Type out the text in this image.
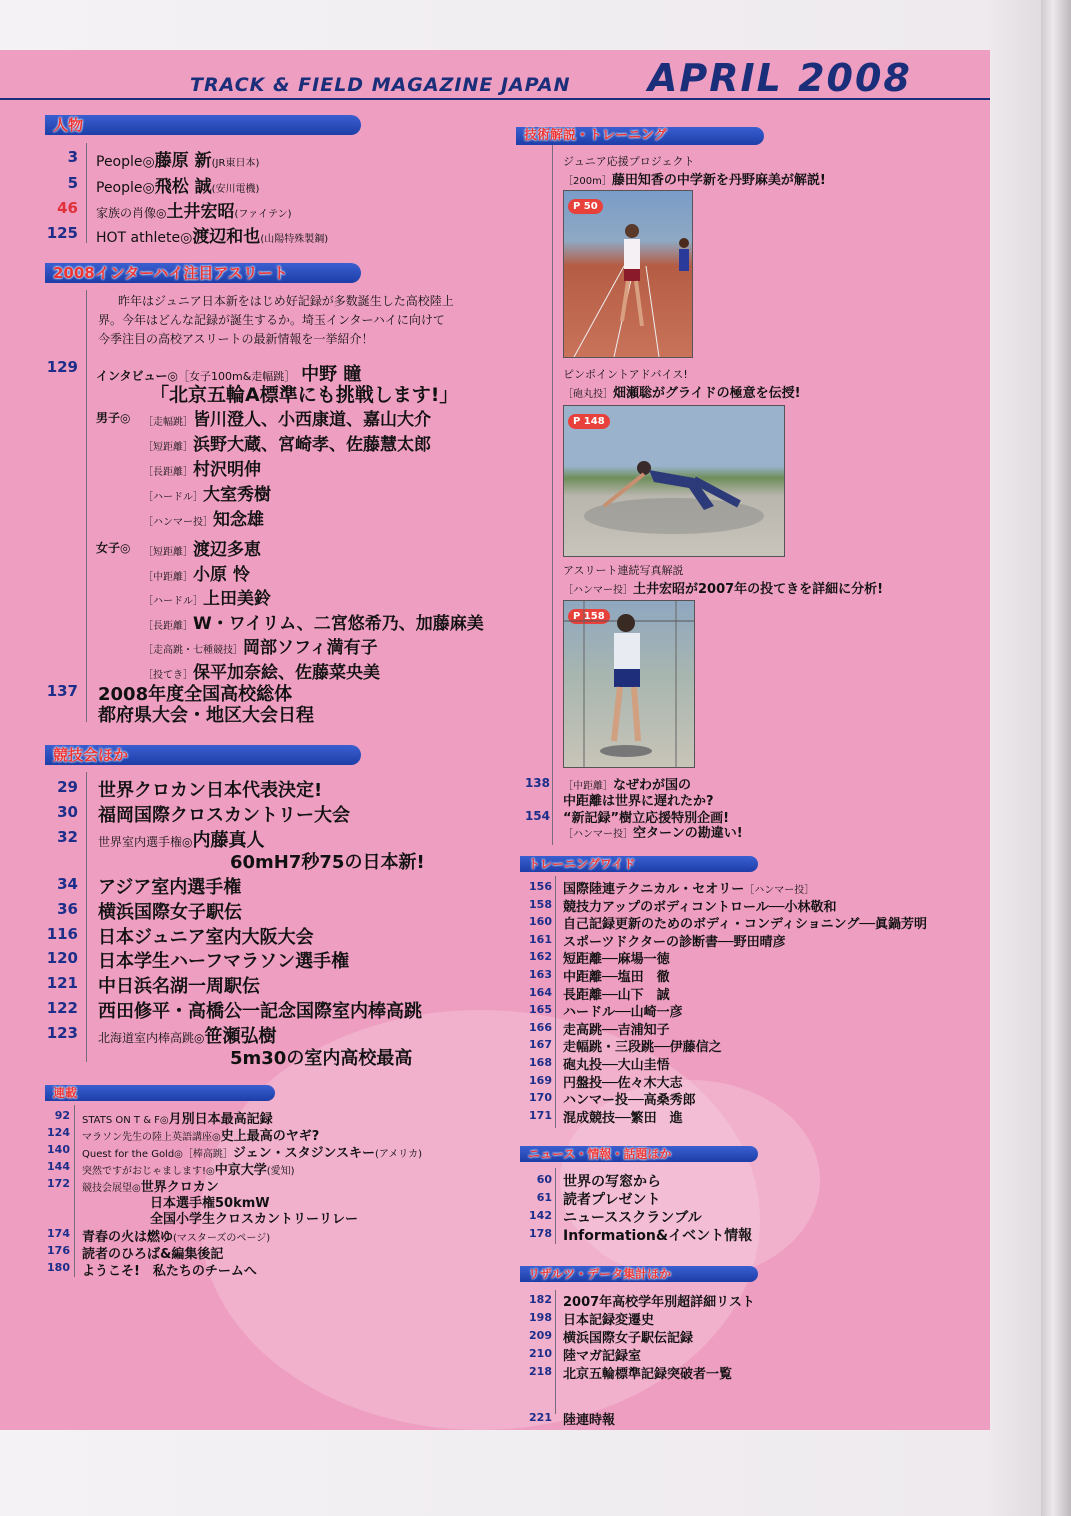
TRACK & FIELD MAGAZINE JAPAN APRIL 2008
人物
3 People◎藤原 新(JR東日本)
5 People◎飛松 誠(安川電機)
46 家族の肖像◎土井宏昭(ファイテン)
125 HOT athlete◎渡辺和也(山陽特殊製鋼)
2008インターハイ注目アスリート
昨年はジュニア日本新をはじめ好記録が多数誕生した高校陸上
界。今年はどんな記録が誕生するか。埼玉インターハイに向けて
今季注目の高校アスリートの最新情報を一挙紹介！
129 インタビュー◎［女子100m&走幅跳］ 中野 瞳
「北京五輪A標準にも挑戦します!」
男子◎ ［走幅跳］皆川澄人、小西康道、嘉山大介
［短距離］浜野大蔵、宮崎孝、佐藤慧太郎
［長距離］村沢明伸
［ハードル］大室秀樹
［ハンマー投］知念雄
女子◎ ［短距離］渡辺多恵
［中距離］小原 怜
［ハードル］上田美鈴
［長距離］W・ワイリム、二宮悠希乃、加藤麻美
［走高跳・七種競技］岡部ソフィ満有子
［投てき］保平加奈絵、佐藤菜央美
137 2008年度全国高校総体
都府県大会・地区大会日程
競技会ほか
29 世界クロカン日本代表決定!
30 福岡国際クロスカントリー大会
32 世界室内選手権◎内藤真人
60mH7秒75の日本新!
34 アジア室内選手権
36 横浜国際女子駅伝
116 日本ジュニア室内大阪大会
120 日本学生ハーフマラソン選手権
121 中日浜名湖一周駅伝
122 西田修平・高橋公一記念国際室内棒高跳
123 北海道室内棒高跳◎笹瀬弘樹
5m30の室内高校最高
連載
92 STATS ON T & F◎月別日本最高記録
124 マラソン先生の陸上英語講座◎史上最高のヤギ?
140 Quest for the Gold◎［棒高跳］ジェン・スタジンスキー(アメリカ)
144 突然ですがおじゃまします!◎中京大学(愛知)
172 競技会展望◎世界クロカン
日本選手権50kmW
全国小学生クロスカントリーリレー
174 青春の火は燃ゆ(マスターズのページ)
176 読者のひろば&編集後記
180 ようこそ!　私たちのチームへ
技術解説・トレーニング
ジュニア応援プロジェクト
［200m］藤田知香の中学新を丹野麻美が解説!
P 50
ピンポイントアドバイス!
［砲丸投］畑瀬聡がグライドの極意を伝授!
P 148
アスリート連続写真解説
［ハンマー投］土井宏昭が2007年の投てきを詳細に分析!
P 158
138 ［中距離］なぜわが国の
中距離は世界に遅れたか?
154 “新記録”樹立応援特別企画!
［ハンマー投］空ターンの勘違い!
トレーニングワイド
156 国際陸連テクニカル・セオリー［ハンマー投］
158 競技力アップのボディコントロール──小林敬和
160 自己記録更新のためのボディ・コンディショニング──眞鍋芳明
161 スポーツドクターの診断書──野田晴彦
162 短距離──麻場一徳
163 中距離──塩田　徹
164 長距離──山下　誠
165 ハードル──山崎一彦
166 走高跳──吉浦知子
167 走幅跳・三段跳──伊藤信之
168 砲丸投──大山圭悟
169 円盤投──佐々木大志
170 ハンマー投──高桑秀郎
171 混成競技──繁田　進
ニュース・情報・話題ほか
60 世界の写窓から
61 読者プレゼント
142 ニューススクランブル
178 Information&イベント情報
リザルツ・データ集計ほか
182 2007年高校学年別超詳細リスト
198 日本記録変遷史
209 横浜国際女子駅伝記録
210 陸マガ記録室
218 北京五輪標準記録突破者一覧
221 陸連時報
